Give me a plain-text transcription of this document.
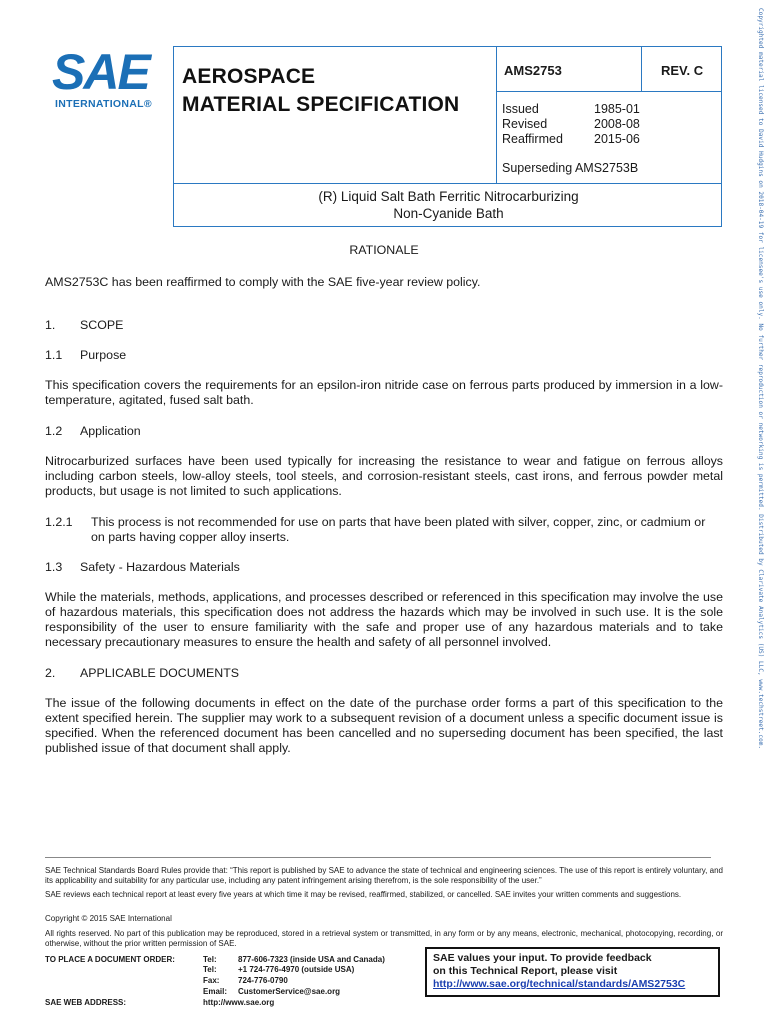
SAE
INTERNATIONAL®
AEROSPACE
MATERIAL SPECIFICATION
AMS2753	REV. C
Issued	1985-01
Revised	2008-08
Reaffirmed 2015-06
Superseding AMS2753B
(R) Liquid Salt Bath Ferritic Nitrocarburizing
Non-Cyanide Bath
RATIONALE
AMS2753C has been reaffirmed to comply with the SAE five-year review policy.
1. SCOPE
1.1 Purpose
This specification covers the requirements for an epsilon-iron nitride case on ferrous parts produced by immersion in a low-temperature, agitated, fused salt bath.
1.2 Application
Nitrocarburized surfaces have been used typically for increasing the resistance to wear and fatigue on ferrous alloys including carbon steels, low-alloy steels, tool steels, and corrosion-resistant steels, cast irons, and ferrous powder metal products, but usage is not limited to such applications.
1.2.1 This process is not recommended for use on parts that have been plated with silver, copper, zinc, or cadmium or
on parts having copper alloy inserts.
1.3 Safety - Hazardous Materials
While the materials, methods, applications, and processes described or referenced in this specification may involve the use of hazardous materials, this specification does not address the hazards which may be involved in such use. It is the sole responsibility of the user to ensure familiarity with the safe and proper use of any hazardous materials and to take necessary precautionary measures to ensure the health and safety of all personnel involved.
2. APPLICABLE DOCUMENTS
The issue of the following documents in effect on the date of the purchase order forms a part of this specification to the extent specified herein. The supplier may work to a subsequent revision of a document unless a specific document issue is specified. When the referenced document has been cancelled and no superseding document has been specified, the last published issue of that document shall apply.
SAE Technical Standards Board Rules provide that: “This report is published by SAE to advance the state of technical and engineering sciences. The use of this report is entirely voluntary, and its applicability and suitability for any particular use, including any patent infringement arising therefrom, is the sole responsibility of the user.”
SAE reviews each technical report at least every five years at which time it may be revised, reaffirmed, stabilized, or cancelled. SAE invites your written comments and suggestions.
Copyright © 2015 SAE International
All rights reserved. No part of this publication may be reproduced, stored in a retrieval system or transmitted, in any form or by any means, electronic, mechanical, photocopying, recording, or otherwise, without the prior written permission of SAE.
TO PLACE A DOCUMENT ORDER:	Tel:	877-606-7323 (inside USA and Canada)
Tel:	+1 724-776-4970 (outside USA)
Fax: 724-776-0790
Email: CustomerService@sae.org
SAE WEB ADDRESS:	http://www.sae.org
SAE values your input. To provide feedback
on this Technical Report, please visit
http://www.sae.org/technical/standards/AMS2753C
Copyrighted material licensed to David Hudgins on 2018-04-19 for licensee's use only. No further reproduction or networking is permitted. Distributed by Clarivate Analytics (US) LLC, www.techstreet.com.
